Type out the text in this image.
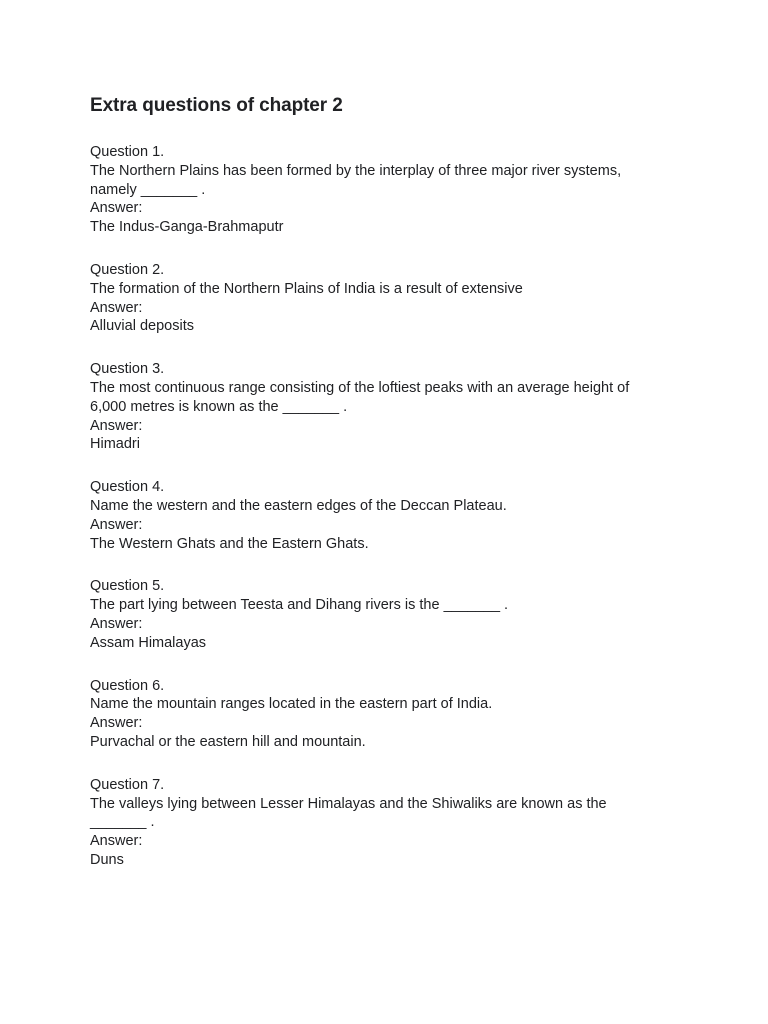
Extra questions of chapter 2
Question 1.
The Northern Plains has been formed by the interplay of three major river systems, namely _______ .
Answer:
The Indus-Ganga-Brahmaputr
Question 2.
The formation of the Northern Plains of India is a result of extensive
Answer:
Alluvial deposits
Question 3.
The most continuous range consisting of the loftiest peaks with an average height of 6,000 metres is known as the _______ .
Answer:
Himadri
Question 4.
Name the western and the eastern edges of the Deccan Plateau.
Answer:
The Western Ghats and the Eastern Ghats.
Question 5.
The part lying between Teesta and Dihang rivers is the _______ .
Answer:
Assam Himalayas
Question 6.
Name the mountain ranges located in the eastern part of India.
Answer:
Purvachal or the eastern hill and mountain.
Question 7.
The valleys lying between Lesser Himalayas and the Shiwaliks are known as the _______ .
Answer:
Duns
